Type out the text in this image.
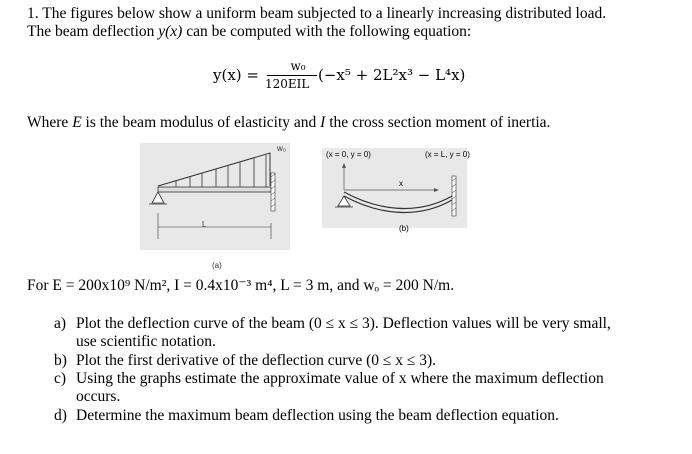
1. The figures below show a uniform beam subjected to a linearly increasing distributed load.
The beam deflection y(x) can be computed with the following equation:
y(x) =	w₀
120EIL (−x⁵ + 2L²x³ − L⁴x)
Where E is the beam modulus of elasticity and I the cross section moment of inertia.
w₀
L
(a)
(x = 0, y = 0)	(x = L, y = 0)
x
(b)
For E = 200x10⁹ N/m², I = 0.4x10⁻³ m⁴, L = 3 m, and wₒ = 200 N/m.
a) Plot the deflection curve of the beam (0 ≤ x ≤ 3). Deflection values will be very small,
use scientific notation.
b) Plot the first derivative of the deflection curve (0 ≤ x ≤ 3).
c) Using the graphs estimate the approximate value of x where the maximum deflection
occurs.
d) Determine the maximum beam deflection using the beam deflection equation.
